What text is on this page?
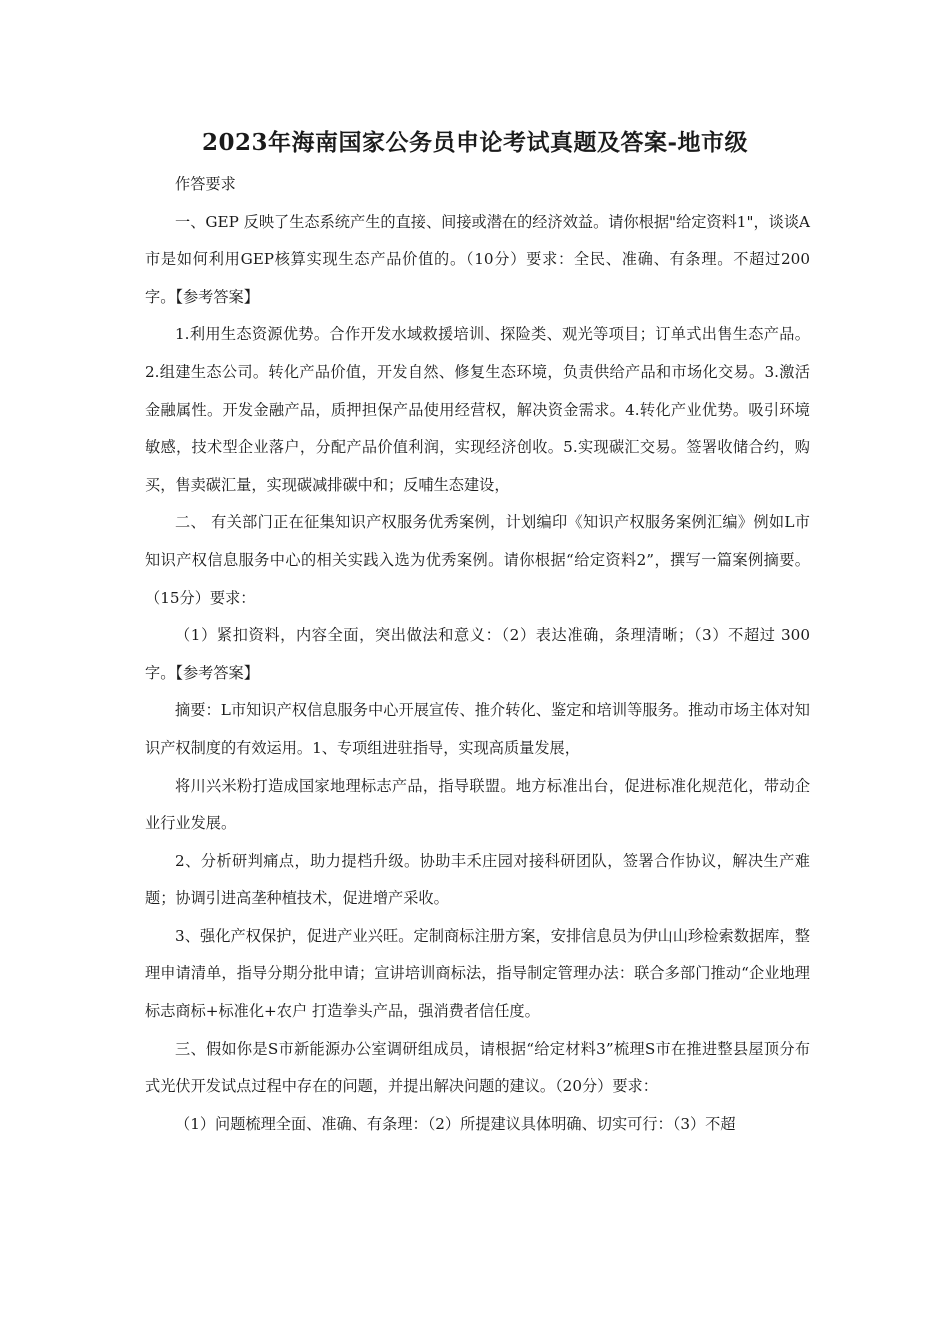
2023年海南国家公务员申论考试真题及答案-地市级

作答要求

一、GEP 反映了生态系统产生的直接、间接或潜在的经济效益。请你根据"给定资料1"，谈谈A市是如何利用GEP核算实现生态产品价值的。（10分）要求：全民、准确、有条理。不超过200字。【参考答案】

1.利用生态资源优势。合作开发水域救援培训、探险类、观光等项目；订单式出售生态产品。2.组建生态公司。转化产品价值，开发自然、修复生态环境，负责供给产品和市场化交易。3.激活金融属性。开发金融产品，质押担保产品使用经营权，解决资金需求。4.转化产业优势。吸引环境敏感，技术型企业落户，分配产品价值利润，实现经济创收。5.实现碳汇交易。签署收储合约，购买，售卖碳汇量，实现碳减排碳中和；反哺生态建设，

二、 有关部门正在征集知识产权服务优秀案例，计划编印《知识产权服务案例汇编》例如L市知识产权信息服务中心的相关实践入选为优秀案例。请你根据“给定资料2”，撰写一篇案例摘要。（15分）要求：

（1）紧扣资料，内容全面，突出做法和意义：（2）表达准确，条理清晰；（3）不超过 300 字。【参考答案】

摘要：L市知识产权信息服务中心开展宣传、推介转化、鉴定和培训等服务。推动市场主体对知识产权制度的有效运用。1、专项组进驻指导，实现高质量发展，

将川兴米粉打造成国家地理标志产品，指导联盟。地方标准出台，促进标准化规范化，带动企业行业发展。

2、分析研判痛点，助力提档升级。协助丰禾庄园对接科研团队，签署合作协议，解决生产难题；协调引进高垄种植技术，促进增产采收。

3、强化产权保护，促进产业兴旺。定制商标注册方案，安排信息员为伊山山珍检索数据库，整理申请清单，指导分期分批申请；宣讲培训商标法，指导制定管理办法：联合多部门推动“企业地理标志商标+标准化+农户 打造拳头产品，强消费者信任度。

三、假如你是S市新能源办公室调研组成员，请根据“给定材料3”梳理S市在推进整县屋顶分布式光伏开发试点过程中存在的问题，并提出解决问题的建议。（20分）要求：

（1）问题梳理全面、准确、有条理：（2）所提建议具体明确、切实可行：（3）不超
